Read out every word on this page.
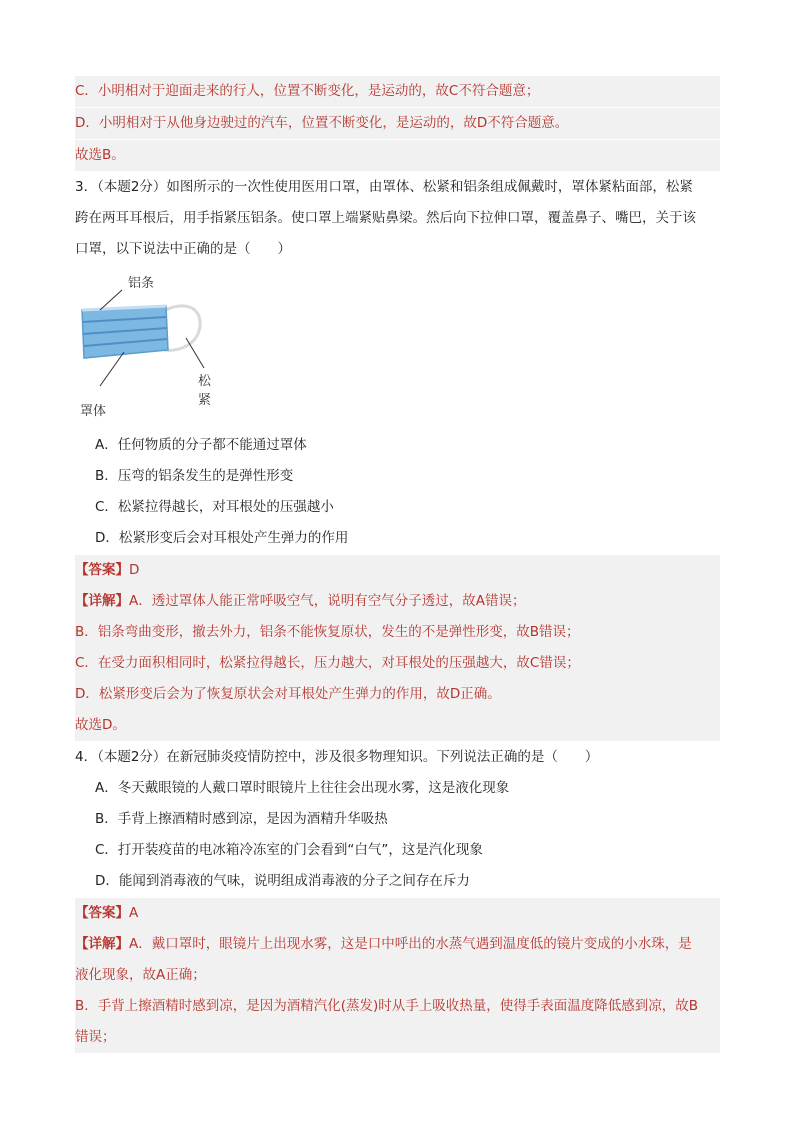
C．小明相对于迎面走来的行人，位置不断变化，是运动的，故C不符合题意；
D．小明相对于从他身边驶过的汽车，位置不断变化，是运动的，故D不符合题意。
故选B。
3．（本题2分）如图所示的一次性使用医用口罩，由罩体、松紧和铝条组成佩戴时，罩体紧粘面部，松紧
跨在两耳耳根后，用手指紧压铝条。使口罩上端紧贴鼻梁。然后向下拉伸口罩，覆盖鼻子、嘴巴，关于该
口罩，以下说法中正确的是（　　）
铝条
松紧
罩体
A．任何物质的分子都不能通过罩体
B．压弯的铝条发生的是弹性形变
C．松紧拉得越长，对耳根处的压强越小
D．松紧形变后会对耳根处产生弹力的作用
【答案】D
【详解】A．透过罩体人能正常呼吸空气，说明有空气分子透过，故A错误；
B．铝条弯曲变形，撤去外力，铝条不能恢复原状，发生的不是弹性形变，故B错误；
C．在受力面积相同时，松紧拉得越长，压力越大，对耳根处的压强越大，故C错误；
D．松紧形变后会为了恢复原状会对耳根处产生弹力的作用，故D正确。
故选D。
4．（本题2分）在新冠肺炎疫情防控中，涉及很多物理知识。下列说法正确的是（　　）
A．冬天戴眼镜的人戴口罩时眼镜片上往往会出现水雾，这是液化现象
B．手背上擦酒精时感到凉，是因为酒精升华吸热
C．打开装疫苗的电冰箱冷冻室的门会看到“白气”，这是汽化现象
D．能闻到消毒液的气味，说明组成消毒液的分子之间存在斥力
【答案】A
【详解】A．戴口罩时，眼镜片上出现水雾，这是口中呼出的水蒸气遇到温度低的镜片变成的小水珠，是
液化现象，故A正确；
B．手背上擦酒精时感到凉，是因为酒精汽化(蒸发)时从手上吸收热量，使得手表面温度降低感到凉，故B
错误；
